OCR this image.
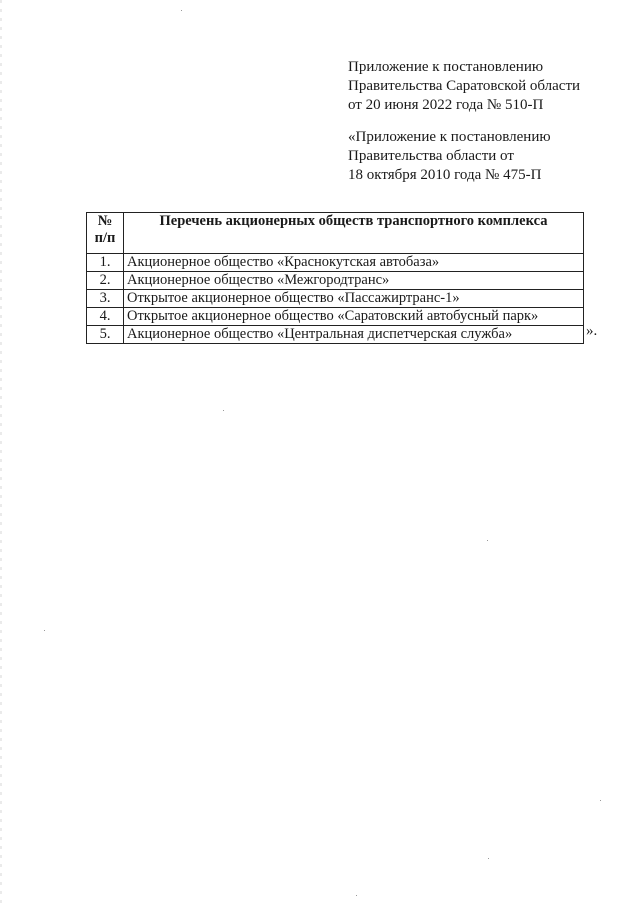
Приложение к постановлению
Правительства Саратовской области
от 20 июня 2022 года № 510-П
«Приложение к постановлению
Правительства области от
18 октября 2010 года № 475-П
№ п/п	Перечень акционерных обществ транспортного комплекса
1.	Акционерное общество «Краснокутская автобаза»
2.	Акционерное общество «Межгородтранс»
3.	Открытое акционерное общество «Пассажиртранс-1»
4.	Открытое акционерное общество «Саратовский автобусный парк»
5.	Акционерное общество «Центральная диспетчерская служба»	».
